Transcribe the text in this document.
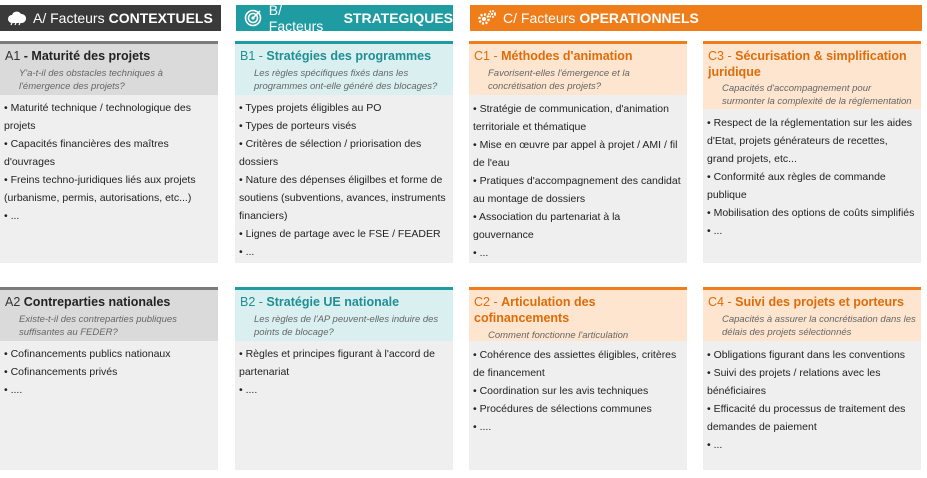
A/ Facteurs CONTEXTUELS	B/ Facteurs	STRATEGIQUES	C/ Facteurs OPERATIONNELS
A1 - Maturité des projets
Y'a-t-il des obstacles techniques à l'émergence des projets?
• Maturité technique / technologique des projets
• Capacités financières des maîtres d'ouvrages
• Freins techno-juridiques liés aux projets (urbanisme, permis, autorisations, etc...)
• ...
A2 Contreparties nationales
Existe-t-il des contreparties publiques suffisantes au FEDER?
• Cofinancements publics nationaux
• Cofinancements privés
• ....
B1 - Stratégies des programmes
Les règles spécifiques fixés dans les programmes ont-elle généré des blocages?
• Types projets éligibles au PO
• Types de porteurs visés
• Critères de sélection / priorisation des dossiers
• Nature des dépenses éligilbes et forme de soutiens (subventions, avances, instruments financiers)
• Lignes de partage avec le FSE / FEADER
• ...
B2 - Stratégie UE nationale
Les règles de l'AP peuvent-elles induire des points de blocage?
• Règles et principes figurant à l'accord de partenariat
• ....
C1 - Méthodes d'animation
Favorisent-elles l'émergence et la concrétisation des projets?
• Stratégie de communication, d'animation territoriale et thématique
• Mise en œuvre par appel à projet / AMI / fil de l'eau
• Pratiques d'accompagnement des candidat au montage de dossiers
• Association du partenariat à la gouvernance
• ...
C3 - Sécurisation & simplification juridique
Capacités d'accompagnement pour surmonter la complexité de la réglementation
• Respect de la réglementation sur les aides d'Etat, projets générateurs de recettes, grand projets, etc...
• Conformité aux règles de commande publique
• Mobilisation des options de coûts simplifiés
• ...
C2 - Articulation des cofinancements
Comment fonctionne l'articulation
• Cohérence des assiettes éligibles, critères de financement
• Coordination sur les avis techniques
• Procédures de sélections communes
• ....
C4 - Suivi des projets et porteurs
Capacités à assurer la concrétisation dans les délais des projets sélectionnés
• Obligations figurant dans les conventions
• Suivi des projets / relations avec les bénéficiaires
• Efficacité du processus de traitement des demandes de paiement
• ...
